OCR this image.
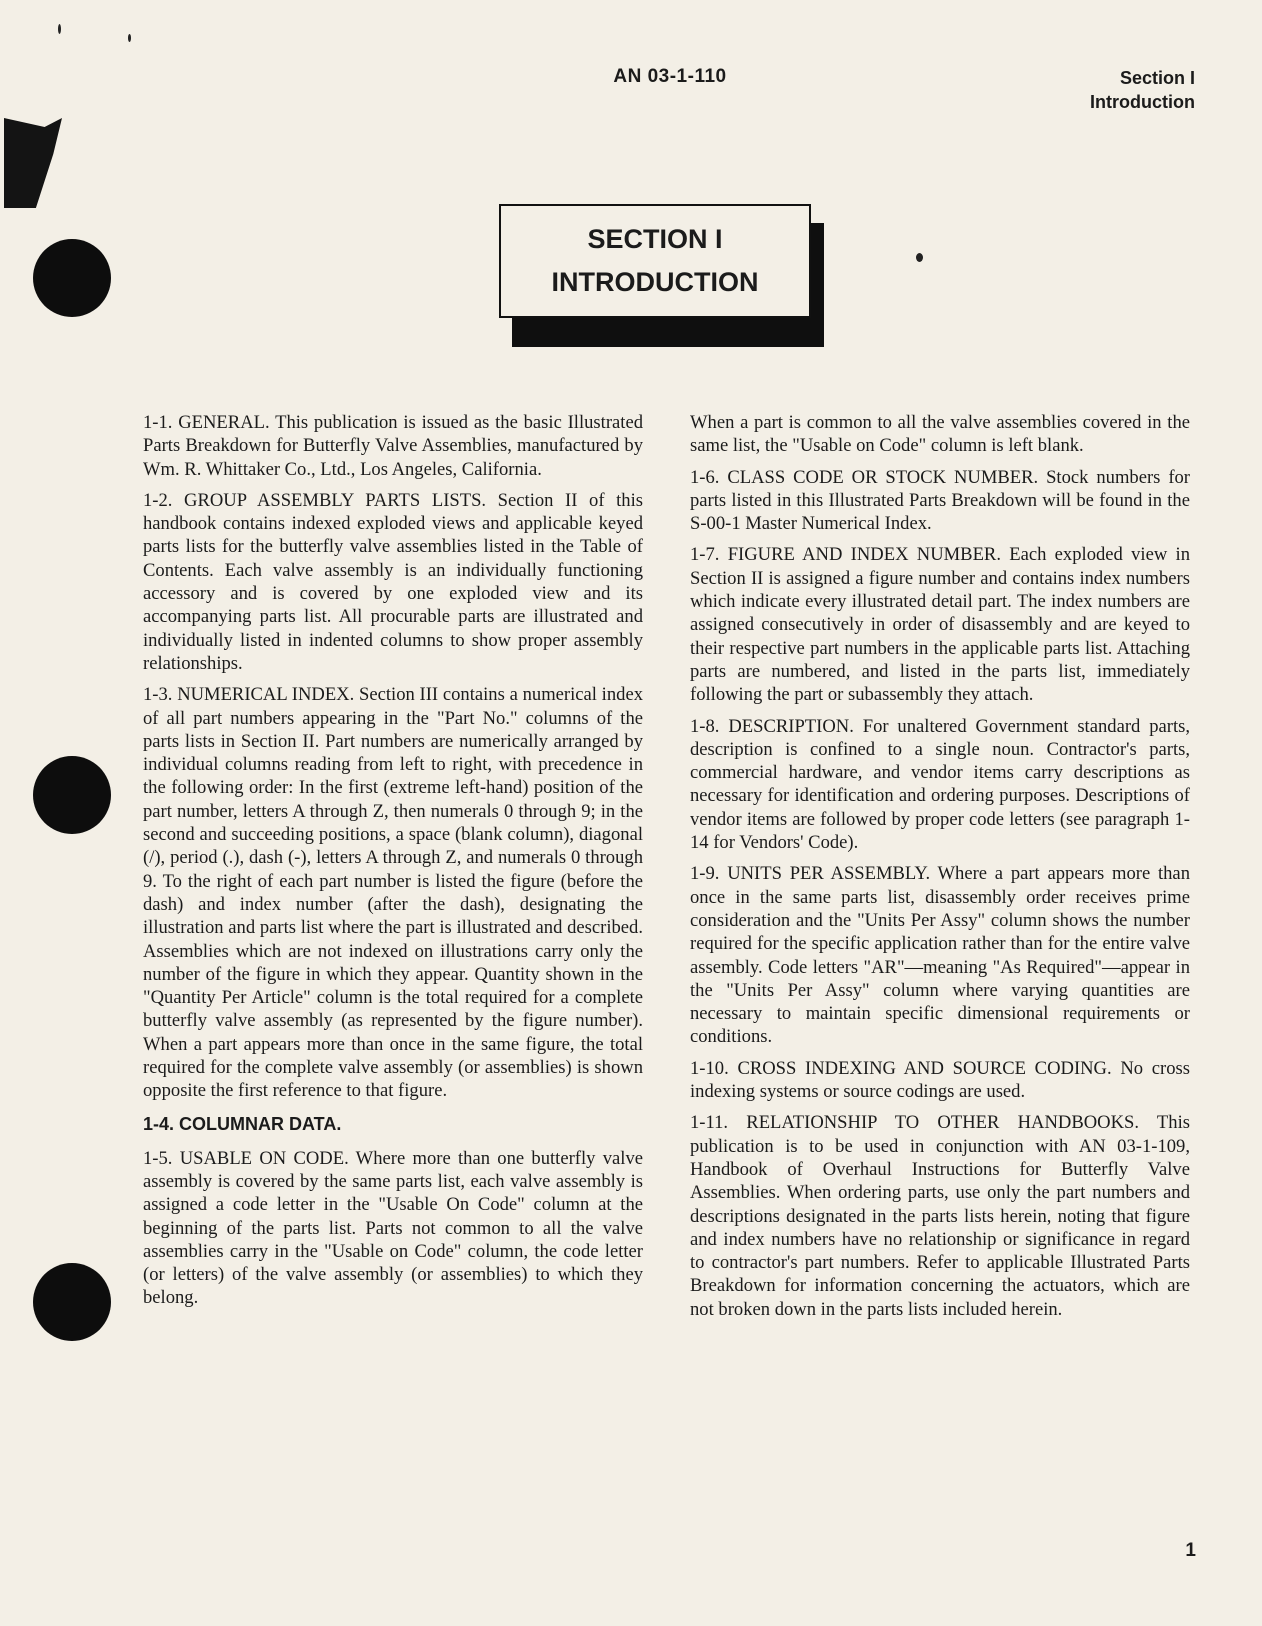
AN 03-1-110	Section I
Introduction
SECTION I
INTRODUCTION

1-1. GENERAL. This publication is issued as the basic Illustrated Parts Breakdown for Butterfly Valve Assemblies, manufactured by Wm. R. Whittaker Co., Ltd., Los Angeles, California.

1-2. GROUP ASSEMBLY PARTS LISTS. Section II of this handbook contains indexed exploded views and applicable keyed parts lists for the butterfly valve assemblies listed in the Table of Contents. Each valve assembly is an individually functioning accessory and is covered by one exploded view and its accompanying parts list. All procurable parts are illustrated and individually listed in indented columns to show proper assembly relationships.

1-3. NUMERICAL INDEX. Section III contains a numerical index of all part numbers appearing in the "Part No." columns of the parts lists in Section II. Part numbers are numerically arranged by individual columns reading from left to right, with precedence in the following order: In the first (extreme left-hand) position of the part number, letters A through Z, then numerals 0 through 9; in the second and succeeding positions, a space (blank column), diagonal (/), period (.), dash (-), letters A through Z, and numerals 0 through 9. To the right of each part number is listed the figure (before the dash) and index number (after the dash), designating the illustration and parts list where the part is illustrated and described. Assemblies which are not indexed on illustrations carry only the number of the figure in which they appear. Quantity shown in the "Quantity Per Article" column is the total required for a complete butterfly valve assembly (as represented by the figure number). When a part appears more than once in the same figure, the total required for the complete valve assembly (or assemblies) is shown opposite the first reference to that figure.

1-4. COLUMNAR DATA.

1-5. USABLE ON CODE. Where more than one butterfly valve assembly is covered by the same parts list, each valve assembly is assigned a code letter in the "Usable On Code" column at the beginning of the parts list. Parts not common to all the valve assemblies carry in the "Usable on Code" column, the code letter (or letters) of the valve assembly (or assemblies) to which they belong.

When a part is common to all the valve assemblies covered in the same list, the "Usable on Code" column is left blank.

1-6. CLASS CODE OR STOCK NUMBER. Stock numbers for parts listed in this Illustrated Parts Breakdown will be found in the S-00-1 Master Numerical Index.

1-7. FIGURE AND INDEX NUMBER. Each exploded view in Section II is assigned a figure number and contains index numbers which indicate every illustrated detail part. The index numbers are assigned consecutively in order of disassembly and are keyed to their respective part numbers in the applicable parts list. Attaching parts are numbered, and listed in the parts list, immediately following the part or subassembly they attach.

1-8. DESCRIPTION. For unaltered Government standard parts, description is confined to a single noun. Contractor's parts, commercial hardware, and vendor items carry descriptions as necessary for identification and ordering purposes. Descriptions of vendor items are followed by proper code letters (see paragraph 1-14 for Vendors' Code).

1-9. UNITS PER ASSEMBLY. Where a part appears more than once in the same parts list, disassembly order receives prime consideration and the "Units Per Assy" column shows the number required for the specific application rather than for the entire valve assembly. Code letters "AR"—meaning "As Required"—appear in the "Units Per Assy" column where varying quantities are necessary to maintain specific dimensional requirements or conditions.

1-10. CROSS INDEXING AND SOURCE CODING. No cross indexing systems or source codings are used.

1-11. RELATIONSHIP TO OTHER HANDBOOKS. This publication is to be used in conjunction with AN 03-1-109, Handbook of Overhaul Instructions for Butterfly Valve Assemblies. When ordering parts, use only the part numbers and descriptions designated in the parts lists herein, noting that figure and index numbers have no relationship or significance in regard to contractor's part numbers. Refer to applicable Illustrated Parts Breakdown for information concerning the actuators, which are not broken down in the parts lists included herein.

1
